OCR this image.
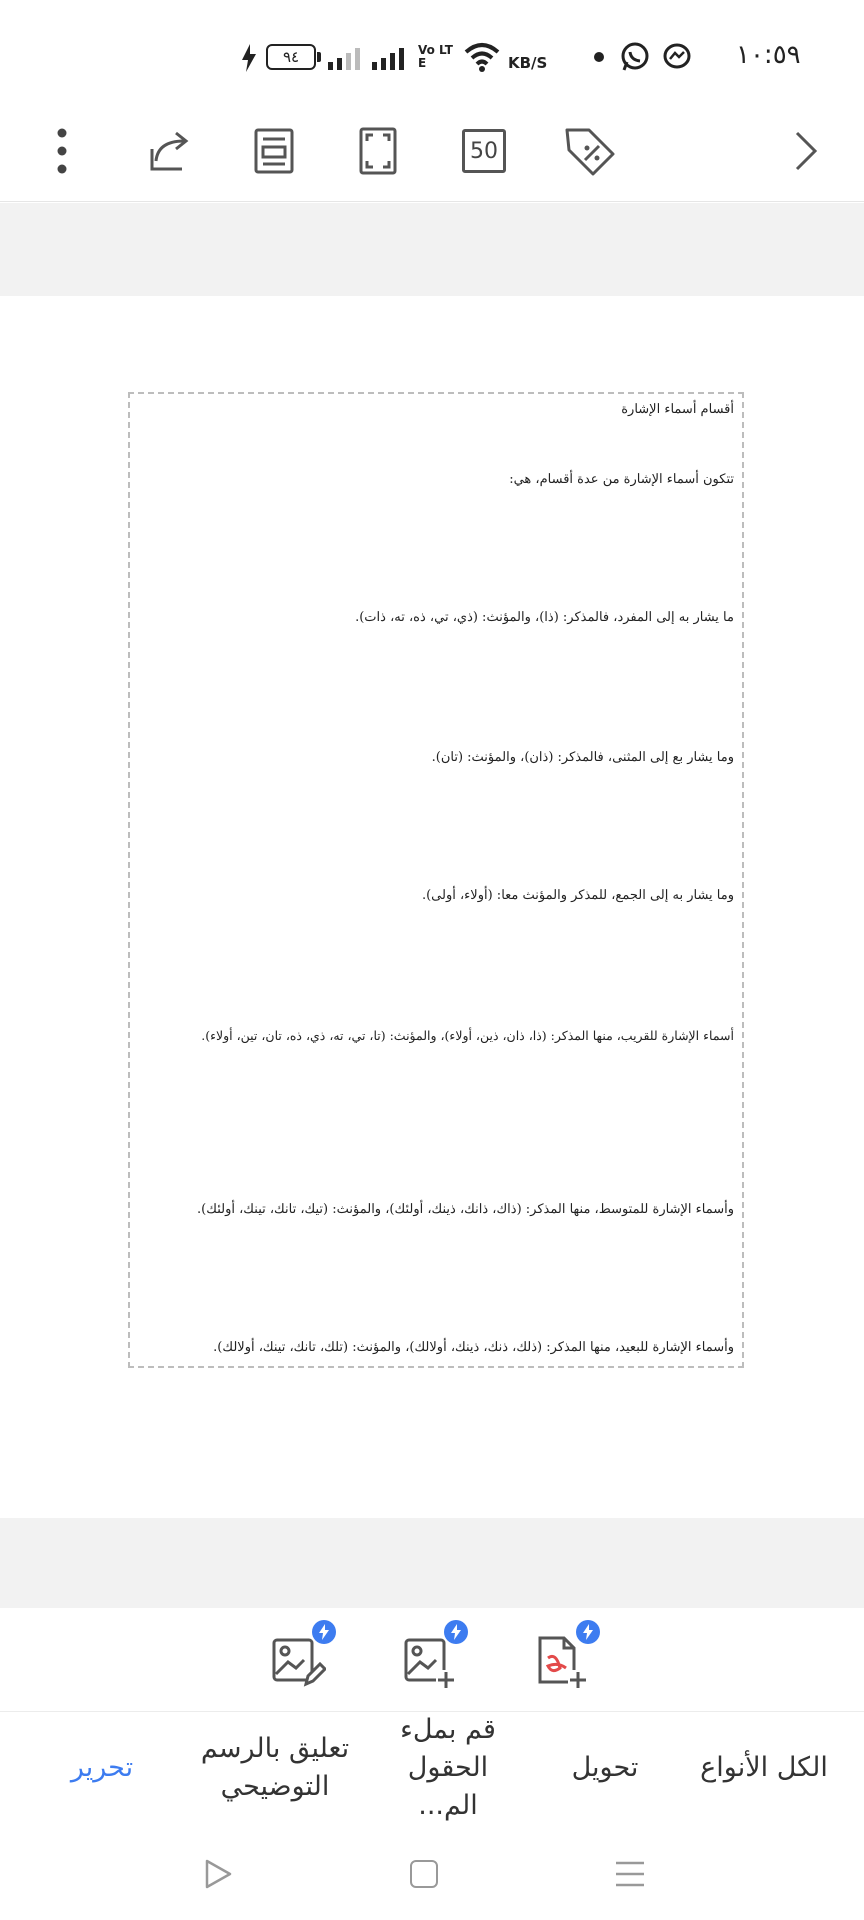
٩٤	Vo LTE	KB/S	١٠:٥٩
50
أقسام أسماء الإشارة
تتكون أسماء الإشارة من عدة أقسام، هي:
ما يشار به إلى المفرد، فالمذكر: (ذا)، والمؤنث: (ذي، تي، ذه، ته، ذات).
وما يشار بع إلى المثنى، فالمذكر: (ذان)، والمؤنث: (تان).
وما يشار به إلى الجمع، للمذكر والمؤنث معا: (أولاء، أولى).
أسماء الإشارة للقريب، منها المذكر: (ذا، ذان، ذين، أولاء)، والمؤنث: (تا، تي، ته، ذي، ذه، تان، تين، أولاء).
وأسماء الإشارة للمتوسط، منها المذكر: (ذاك، ذانك، ذينك، أولئك)، والمؤنث: (تيك، تانك، تينك، أولئك).
وأسماء الإشارة للبعيد، منها المذكر: (ذلك، ذنك، ذينك، أولالك)، والمؤنث: (تلك، تانك، تينك، أولالك).
تحرير
تعليق بالرسم التوضيحي
قم بملء الحقول الم...
تحويل	الكل الأنواع
